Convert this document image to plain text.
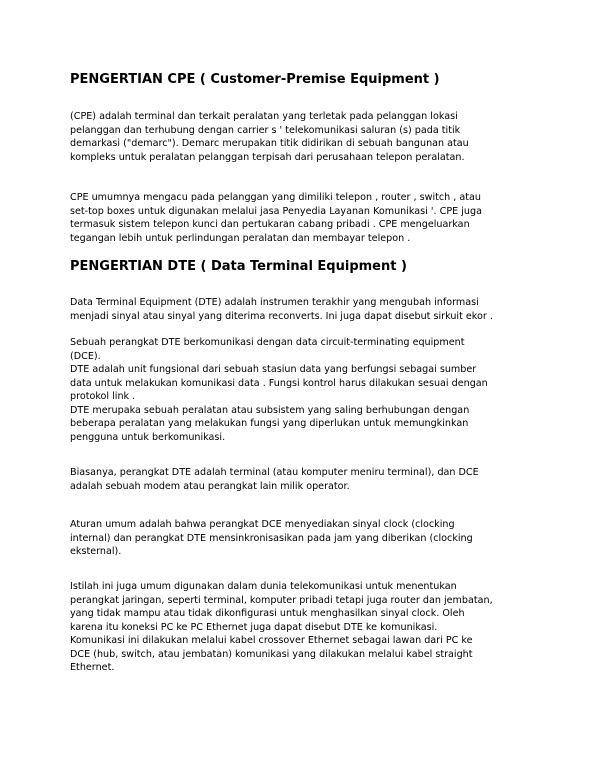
PENGERTIAN CPE ( Customer-Premise Equipment )
(CPE) adalah terminal dan terkait peralatan yang terletak pada pelanggan lokasi
pelanggan dan terhubung dengan carrier s ' telekomunikasi saluran (s) pada titik
demarkasi ("demarc"). Demarc merupakan titik didirikan di sebuah bangunan atau
kompleks untuk peralatan pelanggan terpisah dari perusahaan telepon peralatan.
CPE umumnya mengacu pada pelanggan yang dimiliki telepon , router , switch , atau
set-top boxes untuk digunakan melalui jasa Penyedia Layanan Komunikasi '. CPE juga
termasuk sistem telepon kunci dan pertukaran cabang pribadi . CPE mengeluarkan
tegangan lebih untuk perlindungan peralatan dan membayar telepon .
PENGERTIAN DTE ( Data Terminal Equipment )
Data Terminal Equipment (DTE) adalah instrumen terakhir yang mengubah informasi
menjadi sinyal atau sinyal yang diterima reconverts. Ini juga dapat disebut sirkuit ekor .
Sebuah perangkat DTE berkomunikasi dengan data circuit-terminating equipment
(DCE).
DTE adalah unit fungsional dari sebuah stasiun data yang berfungsi sebagai sumber
data untuk melakukan komunikasi data . Fungsi kontrol harus dilakukan sesuai dengan
protokol link .
DTE merupaka sebuah peralatan atau subsistem yang saling berhubungan dengan
beberapa peralatan yang melakukan fungsi yang diperlukan untuk memungkinkan
pengguna untuk berkomunikasi.
Biasanya, perangkat DTE adalah terminal (atau komputer meniru terminal), dan DCE
adalah sebuah modem atau perangkat lain milik operator.
Aturan umum adalah bahwa perangkat DCE menyediakan sinyal clock (clocking
internal) dan perangkat DTE mensinkronisasikan pada jam yang diberikan (clocking
eksternal).
Istilah ini juga umum digunakan dalam dunia telekomunikasi untuk menentukan
perangkat jaringan, seperti terminal, komputer pribadi tetapi juga router dan jembatan,
yang tidak mampu atau tidak dikonfigurasi untuk menghasilkan sinyal clock. Oleh
karena itu koneksi PC ke PC Ethernet juga dapat disebut DTE ke komunikasi.
Komunikasi ini dilakukan melalui kabel crossover Ethernet sebagai lawan dari PC ke
DCE (hub, switch, atau jembatan) komunikasi yang dilakukan melalui kabel straight
Ethernet.
